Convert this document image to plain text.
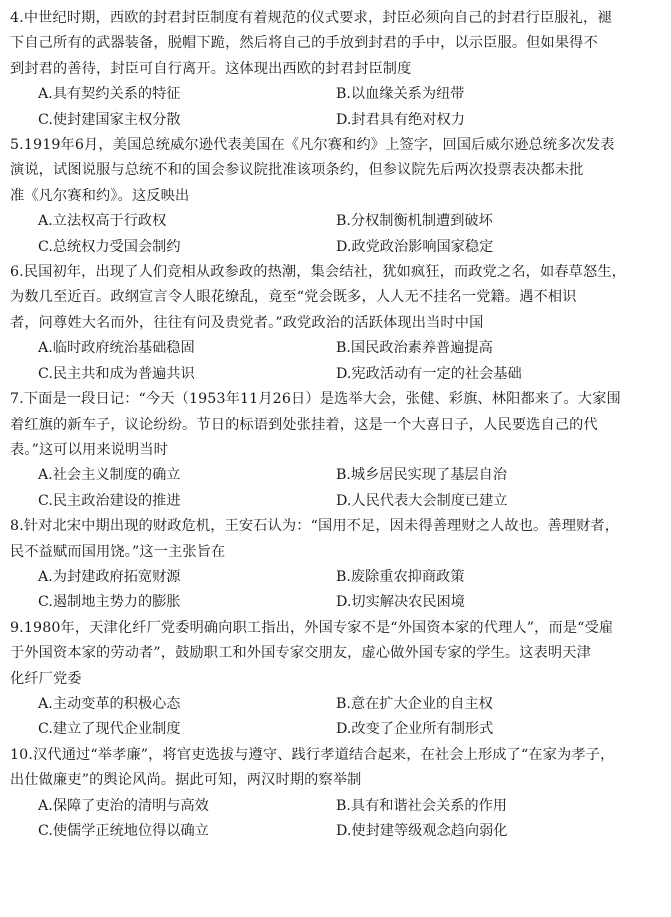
4.中世纪时期，西欧的封君封臣制度有着规范的仪式要求，封臣必须向自己的封君行臣服礼，褪
下自己所有的武器装备，脱帽下跪，然后将自己的手放到封君的手中，以示臣服。但如果得不
到封君的善待，封臣可自行离开。这体现出西欧的封君封臣制度
A.具有契约关系的特征	B.以血缘关系为纽带
C.使封建国家主权分散	D.封君具有绝对权力
5.1919年6月，美国总统威尔逊代表美国在《凡尔赛和约》上签字，回国后威尔逊总统多次发表
演说，试图说服与总统不和的国会参议院批准该项条约，但参议院先后两次投票表决都未批
准《凡尔赛和约》。这反映出
A.立法权高于行政权	B.分权制衡机制遭到破坏
C.总统权力受国会制约	D.政党政治影响国家稳定
6.民国初年，出现了人们竞相从政参政的热潮，集会结社，犹如疯狂，而政党之名，如春草怒生，
为数几至近百。政纲宣言令人眼花缭乱，竟至“党会既多，人人无不挂名一党籍。遇不相识
者，问尊姓大名而外，往往有问及贵党者。”政党政治的活跃体现出当时中国
A.临时政府统治基础稳固	B.国民政治素养普遍提高
C.民主共和成为普遍共识	D.宪政活动有一定的社会基础
7.下面是一段日记：“今天（1953年11月26日）是选举大会，张健、彩旗、林阳都来了。大家围
着红旗的新车子，议论纷纷。节日的标语到处张挂着，这是一个大喜日子，人民要选自己的代
表。”这可以用来说明当时
A.社会主义制度的确立	B.城乡居民实现了基层自治
C.民主政治建设的推进	D.人民代表大会制度已建立
8.针对北宋中期出现的财政危机，王安石认为：“国用不足，因未得善理财之人故也。善理财者，
民不益赋而国用饶。”这一主张旨在
A.为封建政府拓宽财源	B.废除重农抑商政策
C.遏制地主势力的膨胀	D.切实解决农民困境
9.1980年，天津化纤厂党委明确向职工指出，外国专家不是“外国资本家的代理人”，而是“受雇
于外国资本家的劳动者”，鼓励职工和外国专家交朋友，虚心做外国专家的学生。这表明天津
化纤厂党委
A.主动变革的积极心态	B.意在扩大企业的自主权
C.建立了现代企业制度	D.改变了企业所有制形式
10.汉代通过“举孝廉”，将官吏选拔与遵守、践行孝道结合起来，在社会上形成了“在家为孝子，
出仕做廉吏”的舆论风尚。据此可知，两汉时期的察举制
A.保障了吏治的清明与高效	B.具有和谐社会关系的作用
C.使儒学正统地位得以确立	D.使封建等级观念趋向弱化
